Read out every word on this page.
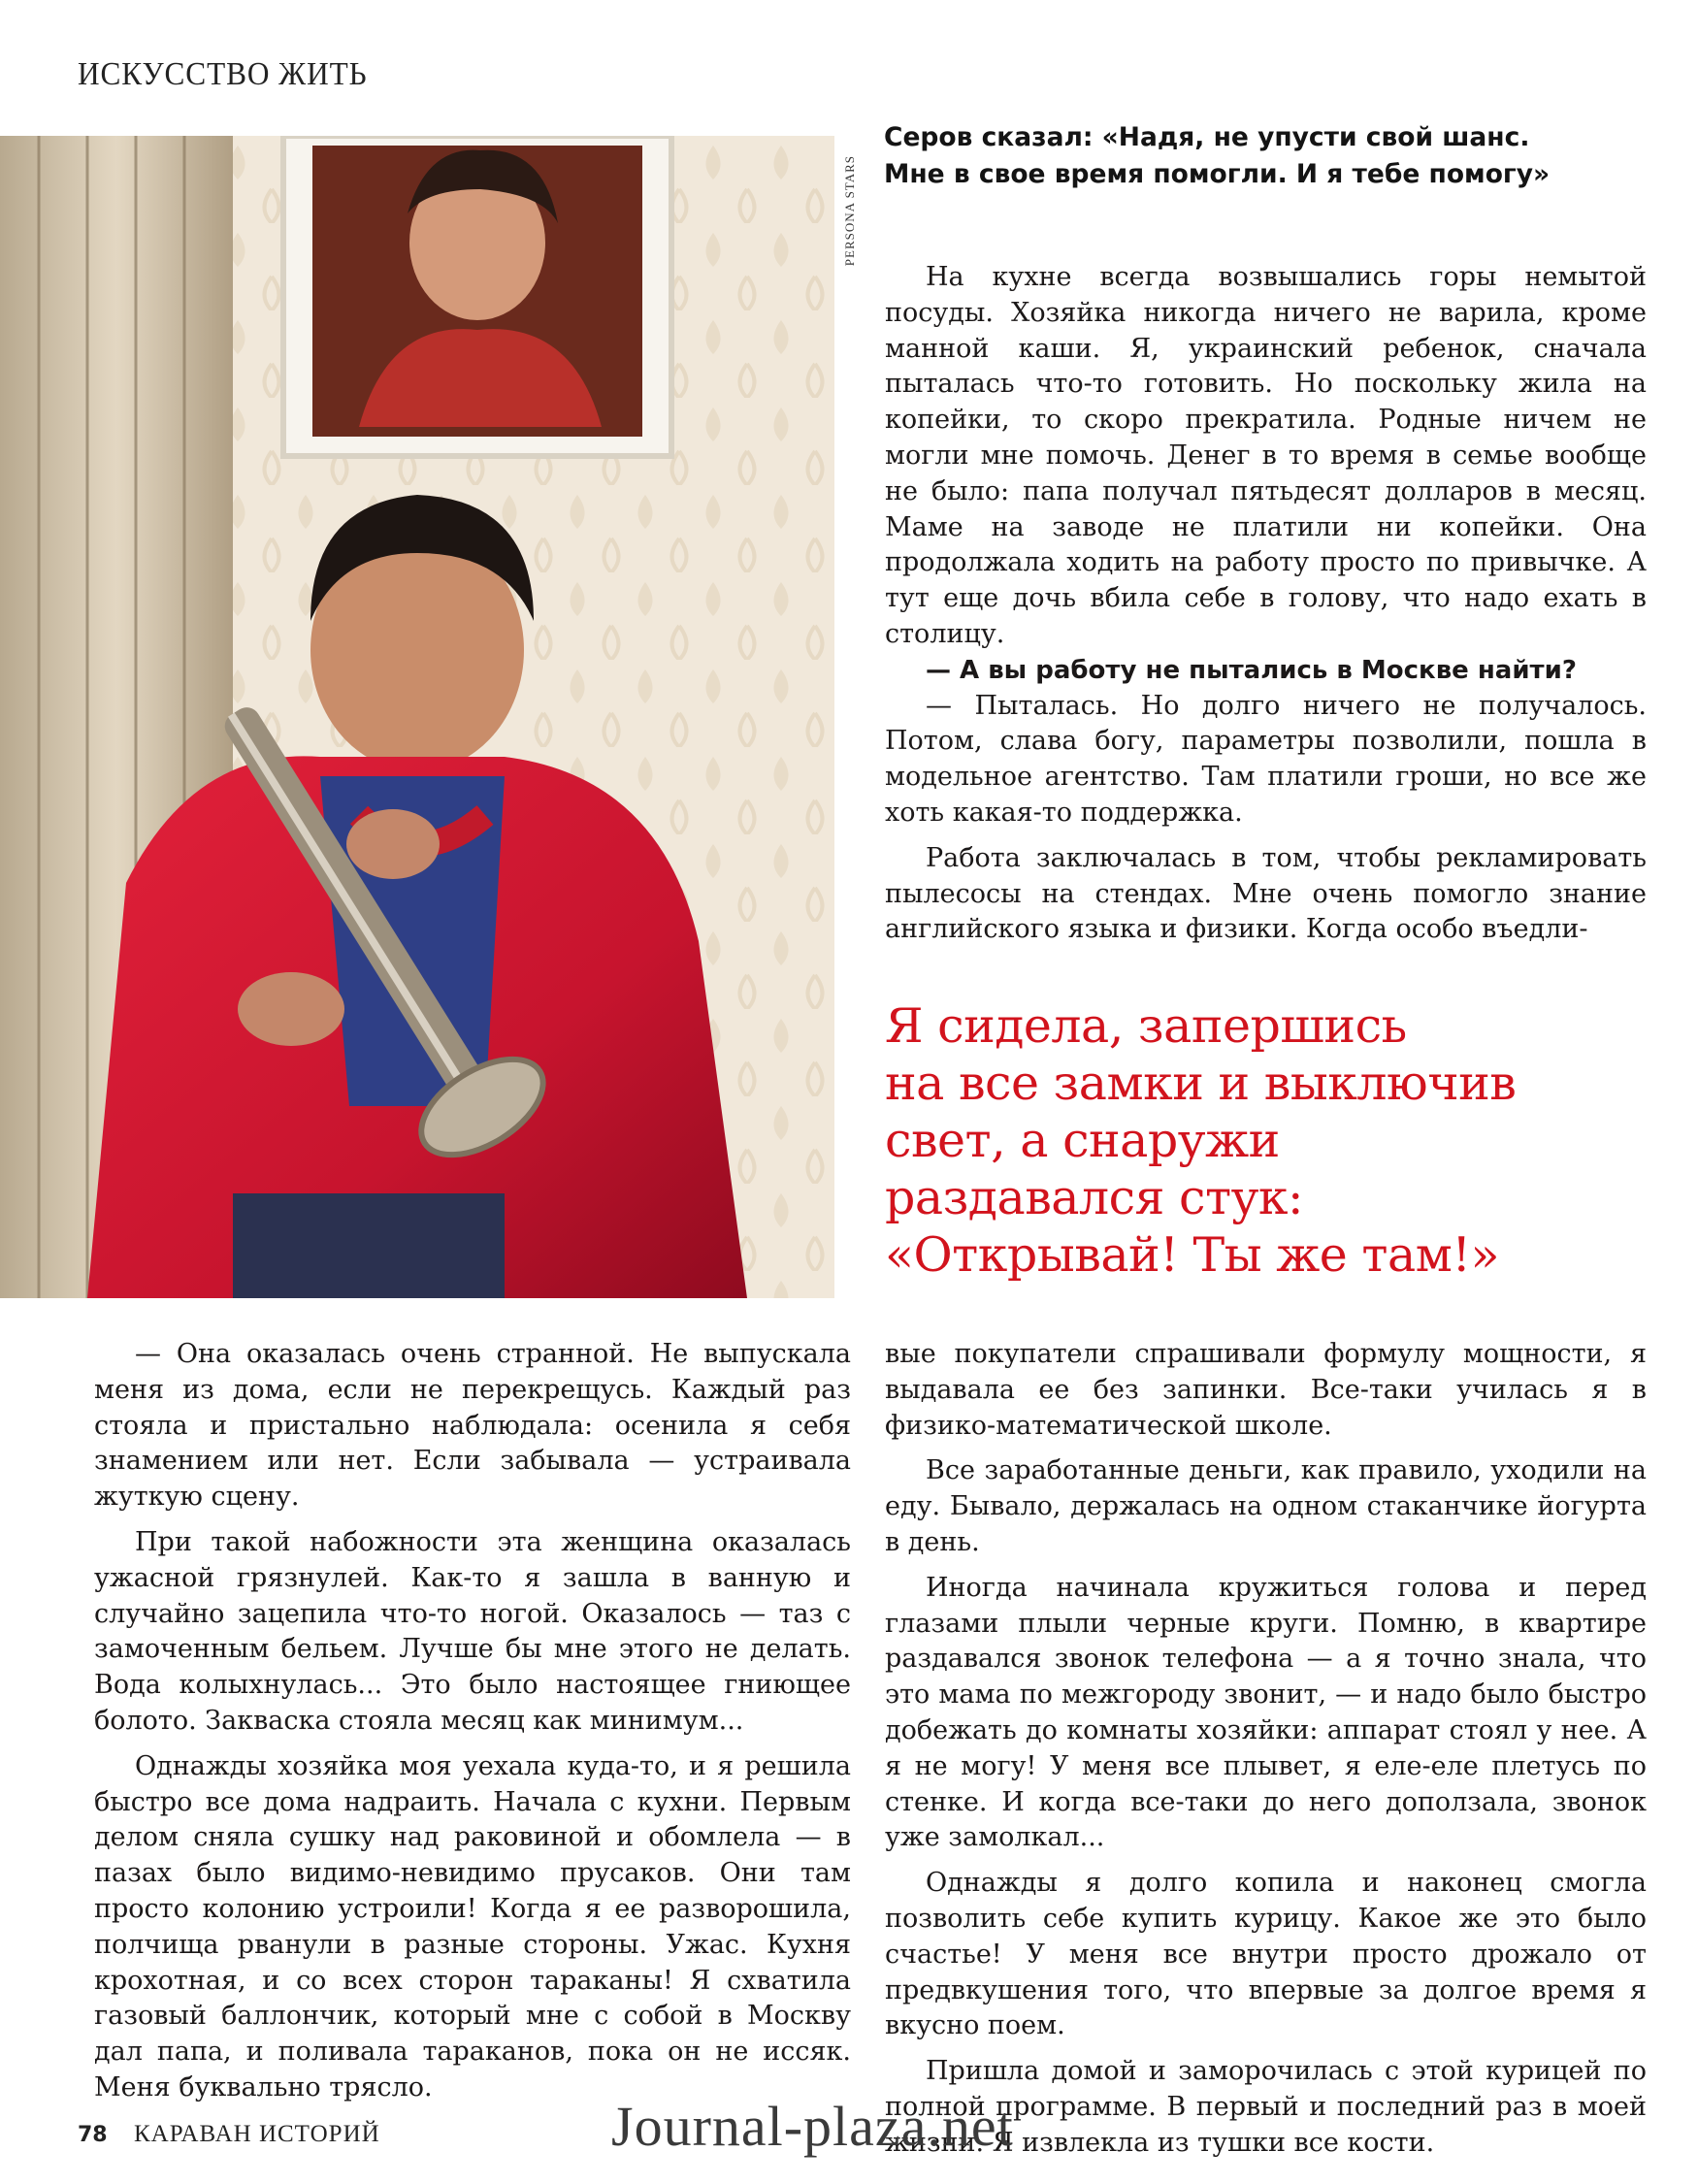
ИСКУССТВО ЖИТЬ
PERSONA STARS
Серов сказал: «Надя, не упусти свой шанс.
Мне в свое время помогли. И я тебе помогу»

На кухне всегда возвышались горы немытой посуды. Хозяйка никогда ничего не варила, кроме манной каши. Я, украинский ребенок, сначала пыталась что-то готовить. Но поскольку жила на копейки, то скоро прекратила. Родные ничем не могли мне помочь. Денег в то время в семье вообще не было: папа получал пятьдесят долларов в месяц. Маме на заводе не платили ни копейки. Она продолжала ходить на работу просто по привычке. А тут еще дочь вбила себе в голову, что надо ехать в столицу.

— А вы работу не пытались в Москве найти?

— Пыталась. Но долго ничего не получалось. Потом, слава богу, параметры позволили, пошла в модельное агентство. Там платили гроши, но все же хоть какая-то поддержка.

Работа заключалась в том, чтобы рекламировать пылесосы на стендах. Мне очень помогло знание английского языка и физики. Когда особо въедли-

Я сидела, запершись
на все замки и выключив
свет, а снаружи
раздавался стук:
«Открывай! Ты же там!»

— Она оказалась очень странной. Не выпускала меня из дома, если не перекрещусь. Каждый раз стояла и пристально наблюдала: осенила я себя знамением или нет. Если забывала — устраивала жуткую сцену.

При такой набожности эта женщина оказалась ужасной грязнулей. Как-то я зашла в ванную и случайно зацепила что-то ногой. Оказалось — таз с замоченным бельем. Лучше бы мне этого не делать. Вода колыхнулась... Это было настоящее гниющее болото. Закваска стояла месяц как минимум...

Однажды хозяйка моя уехала куда-то, и я решила быстро все дома надраить. Начала с кухни. Первым делом сняла сушку над раковиной и обомлела — в пазах было видимо-невидимо прусаков. Они там просто колонию устроили! Когда я ее разворошила, полчища рванули в разные стороны. Ужас. Кухня крохотная, и со всех сторон тараканы! Я схватила газовый баллончик, который мне с собой в Москву дал папа, и поливала тараканов, пока он не иссяк. Меня буквально трясло.

вые покупатели спрашивали формулу мощности, я выдавала ее без запинки. Все-таки училась я в физико-математической школе.

Все заработанные деньги, как правило, уходили на еду. Бывало, держалась на одном стаканчике йогурта в день.

Иногда начинала кружиться голова и перед глазами плыли черные круги. Помню, в квартире раздавался звонок телефона — а я точно знала, что это мама по межгороду звонит, — и надо было быстро добежать до комнаты хозяйки: аппарат стоял у нее. А я не могу! У меня все плывет, я еле-еле плетусь по стенке. И когда все-таки до него доползала, звонок уже замолкал...

Однажды я долго копила и наконец смогла позволить себе купить курицу. Какое же это было счастье! У меня все внутри просто дрожало от предвкушения того, что впервые за долгое время я вкусно поем.

Пришла домой и заморочилась с этой курицей по полной программе. В первый и последний раз в моей жизни. Я извлекла из тушки все кости.

78 КАРАВАН ИСТОРИЙ	Journal-plaza.net
